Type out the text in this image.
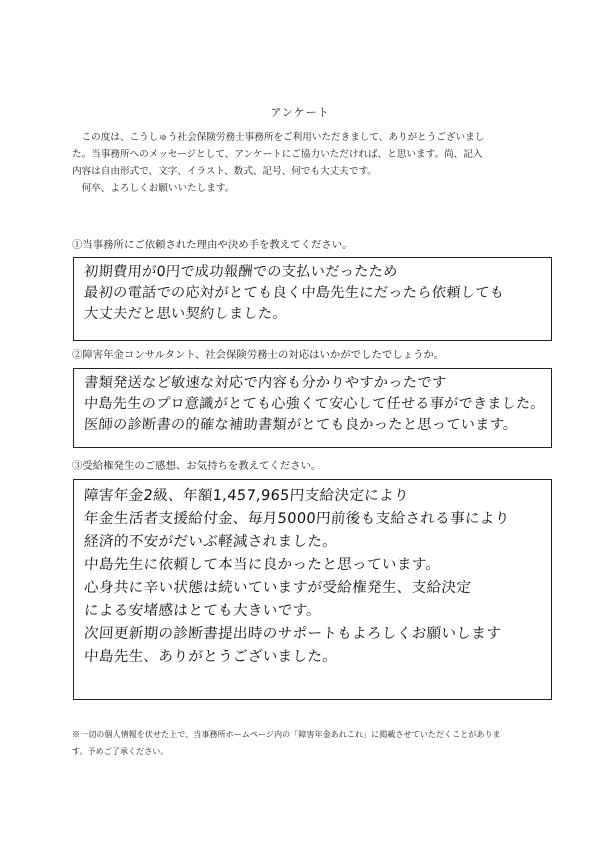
アンケート

この度は、こうしゅう社会保険労務士事務所をご利用いただきまして、ありがとうございまし

た。当事務所へのメッセージとして、アンケートにご協力いただければ、と思います。尚、記入

内容は自由形式で、文字、イラスト、数式、記号、何でも大丈夫です。

何卒、よろしくお願いいたします。

①当事務所にご依頼された理由や決め手を教えてください。
初期費用が0円で成功報酬での支払いだったため
最初の電話での応対がとても良く中島先生にだったら依頼しても
大丈夫だと思い契約しました。
②障害年金コンサルタント、社会保険労務士の対応はいかがでしたでしょうか。
書類発送など敏速な対応で内容も分かりやすかったです
中島先生のプロ意識がとても心強くて安心して任せる事ができました。
医師の診断書の的確な補助書類がとても良かったと思っています。
③受給権発生のご感想、お気持ちを教えてください。
障害年金2級、年額1,457,965円支給決定により
年金生活者支援給付金、毎月5000円前後も支給される事により
経済的不安がだいぶ軽減されました。
中島先生に依頼して本当に良かったと思っています。
心身共に辛い状態は続いていますが受給権発生、支給決定
による安堵感はとても大きいです。
次回更新期の診断書提出時のサポートもよろしくお願いします
中島先生、ありがとうございました。

※一切の個人情報を伏せた上で、当事務所ホームページ内の「障害年金あれこれ」に掲載させていただくことがありま

す。予めご了承ください。
